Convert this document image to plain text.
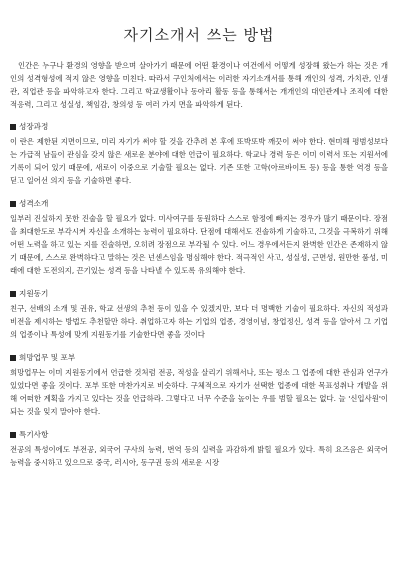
자기소개서 쓰는 방법

인간은 누구나 환경의 영향을 받으며 살아가기 때문에 어떤 환경이나 여건에서 어떻게 성장해 왔는가 하는 것은 개인의 성격형성에 적지 않은 영향을 미친다. 따라서 구인처에서는 이러한 자기소개서를 통해 개인의 성격, 가치관, 인생관, 직업관 등을 파악하고자 한다. 그리고 학교생활이나 동아리 활동 등을 통해서는 개개인의 대인관계나 조직에 대한 적응력, 그리고 성실성, 책임감, 창의성 등 여러 가지 면을 파악하게 된다.

성장과정

이 란은 제한된 지면이므로, 미리 자기가 써야 할 것을 간추려 본 후에 또박또박 깨끗이 써야 한다. 현미해 평범성보다는 가급적 남들이 관심을 갖지 않은 새로운 분야에 대한 언급이 필요하다. 학교나 경력 등은 이미 이력서 또는 지원서에 기록이 되어 있기 때문에, 새로이 이중으로 기술할 필요는 없다. 기존 또한 고학(아르바이트 등) 등을 통한 역경 등을 딛고 일어선 의지 등을 기술하면 좋다.

성격소개

일부러 진실하지 못한 진술을 할 필요가 없다. 미사여구를 동원하다 스스로 함정에 빠지는 경우가 많기 때문이다. 장점을 최대한도로 부각시켜 자신을 소개하는 능력이 필요하다. 단점에 대해서도 진솔하게 기술하고, 그것을 극복하기 위해 어떤 노력을 하고 있는 지를 진술하면, 오히려 장점으로 부각될 수 있다. 어느 경우에서든지 완벽한 인간은 존재하지 않기 때문에, 스스로 완벽하다고 말하는 것은 넌센스임을 명심해야 한다. 적극적인 사고, 성실성, 근면성, 원만한 품성, 미래에 대한 도전의지, 끈기있는 성격 등을 나타낼 수 있도록 유의해야 한다.

지원동기

친구, 선배의 소개 및 권유, 학교 선생의 추천 등이 있을 수 있겠지만, 보다 더 명백한 기술이 필요하다. 자신의 적성과 비전을 제시하는 방법도 추천할만 하다. 취업하고자 하는 기업의 업종, 경영이념, 창업정신, 성격 등을 알아서 그 기업의 업종이나 특성에 맞게 지원동기를 기술한다면 좋을 것이다

희망업무 및 포부

희망업무는 이미 지원동기에서 언급한 것처럼 전공, 적성을 살리기 위해서나, 또는 평소 그 업종에 대한 관심과 연구가 있었다면 좋을 것이다. 포부 또한 마찬가지로 비슷하다. 구체적으로 자기가 선택한 업종에 대한 목표성취나 개발을 위해 어떠한 계획을 가지고 있다는 것을 언급하라. 그렇다고 너무 수준을 높이는 우를 범할 필요는 없다. 늘 '신입사원'이 되는 것을 잊지 말아야 한다.

특기사항

전공의 특성이에도 부전공, 외국어 구사의 능력, 번역 등의 실력을 과감하게 밝힐 필요가 있다. 특히 요즈음은 외국어 능력을 중시하고 있으므로 중국, 러시아, 동구권 등의 새로운 시장
